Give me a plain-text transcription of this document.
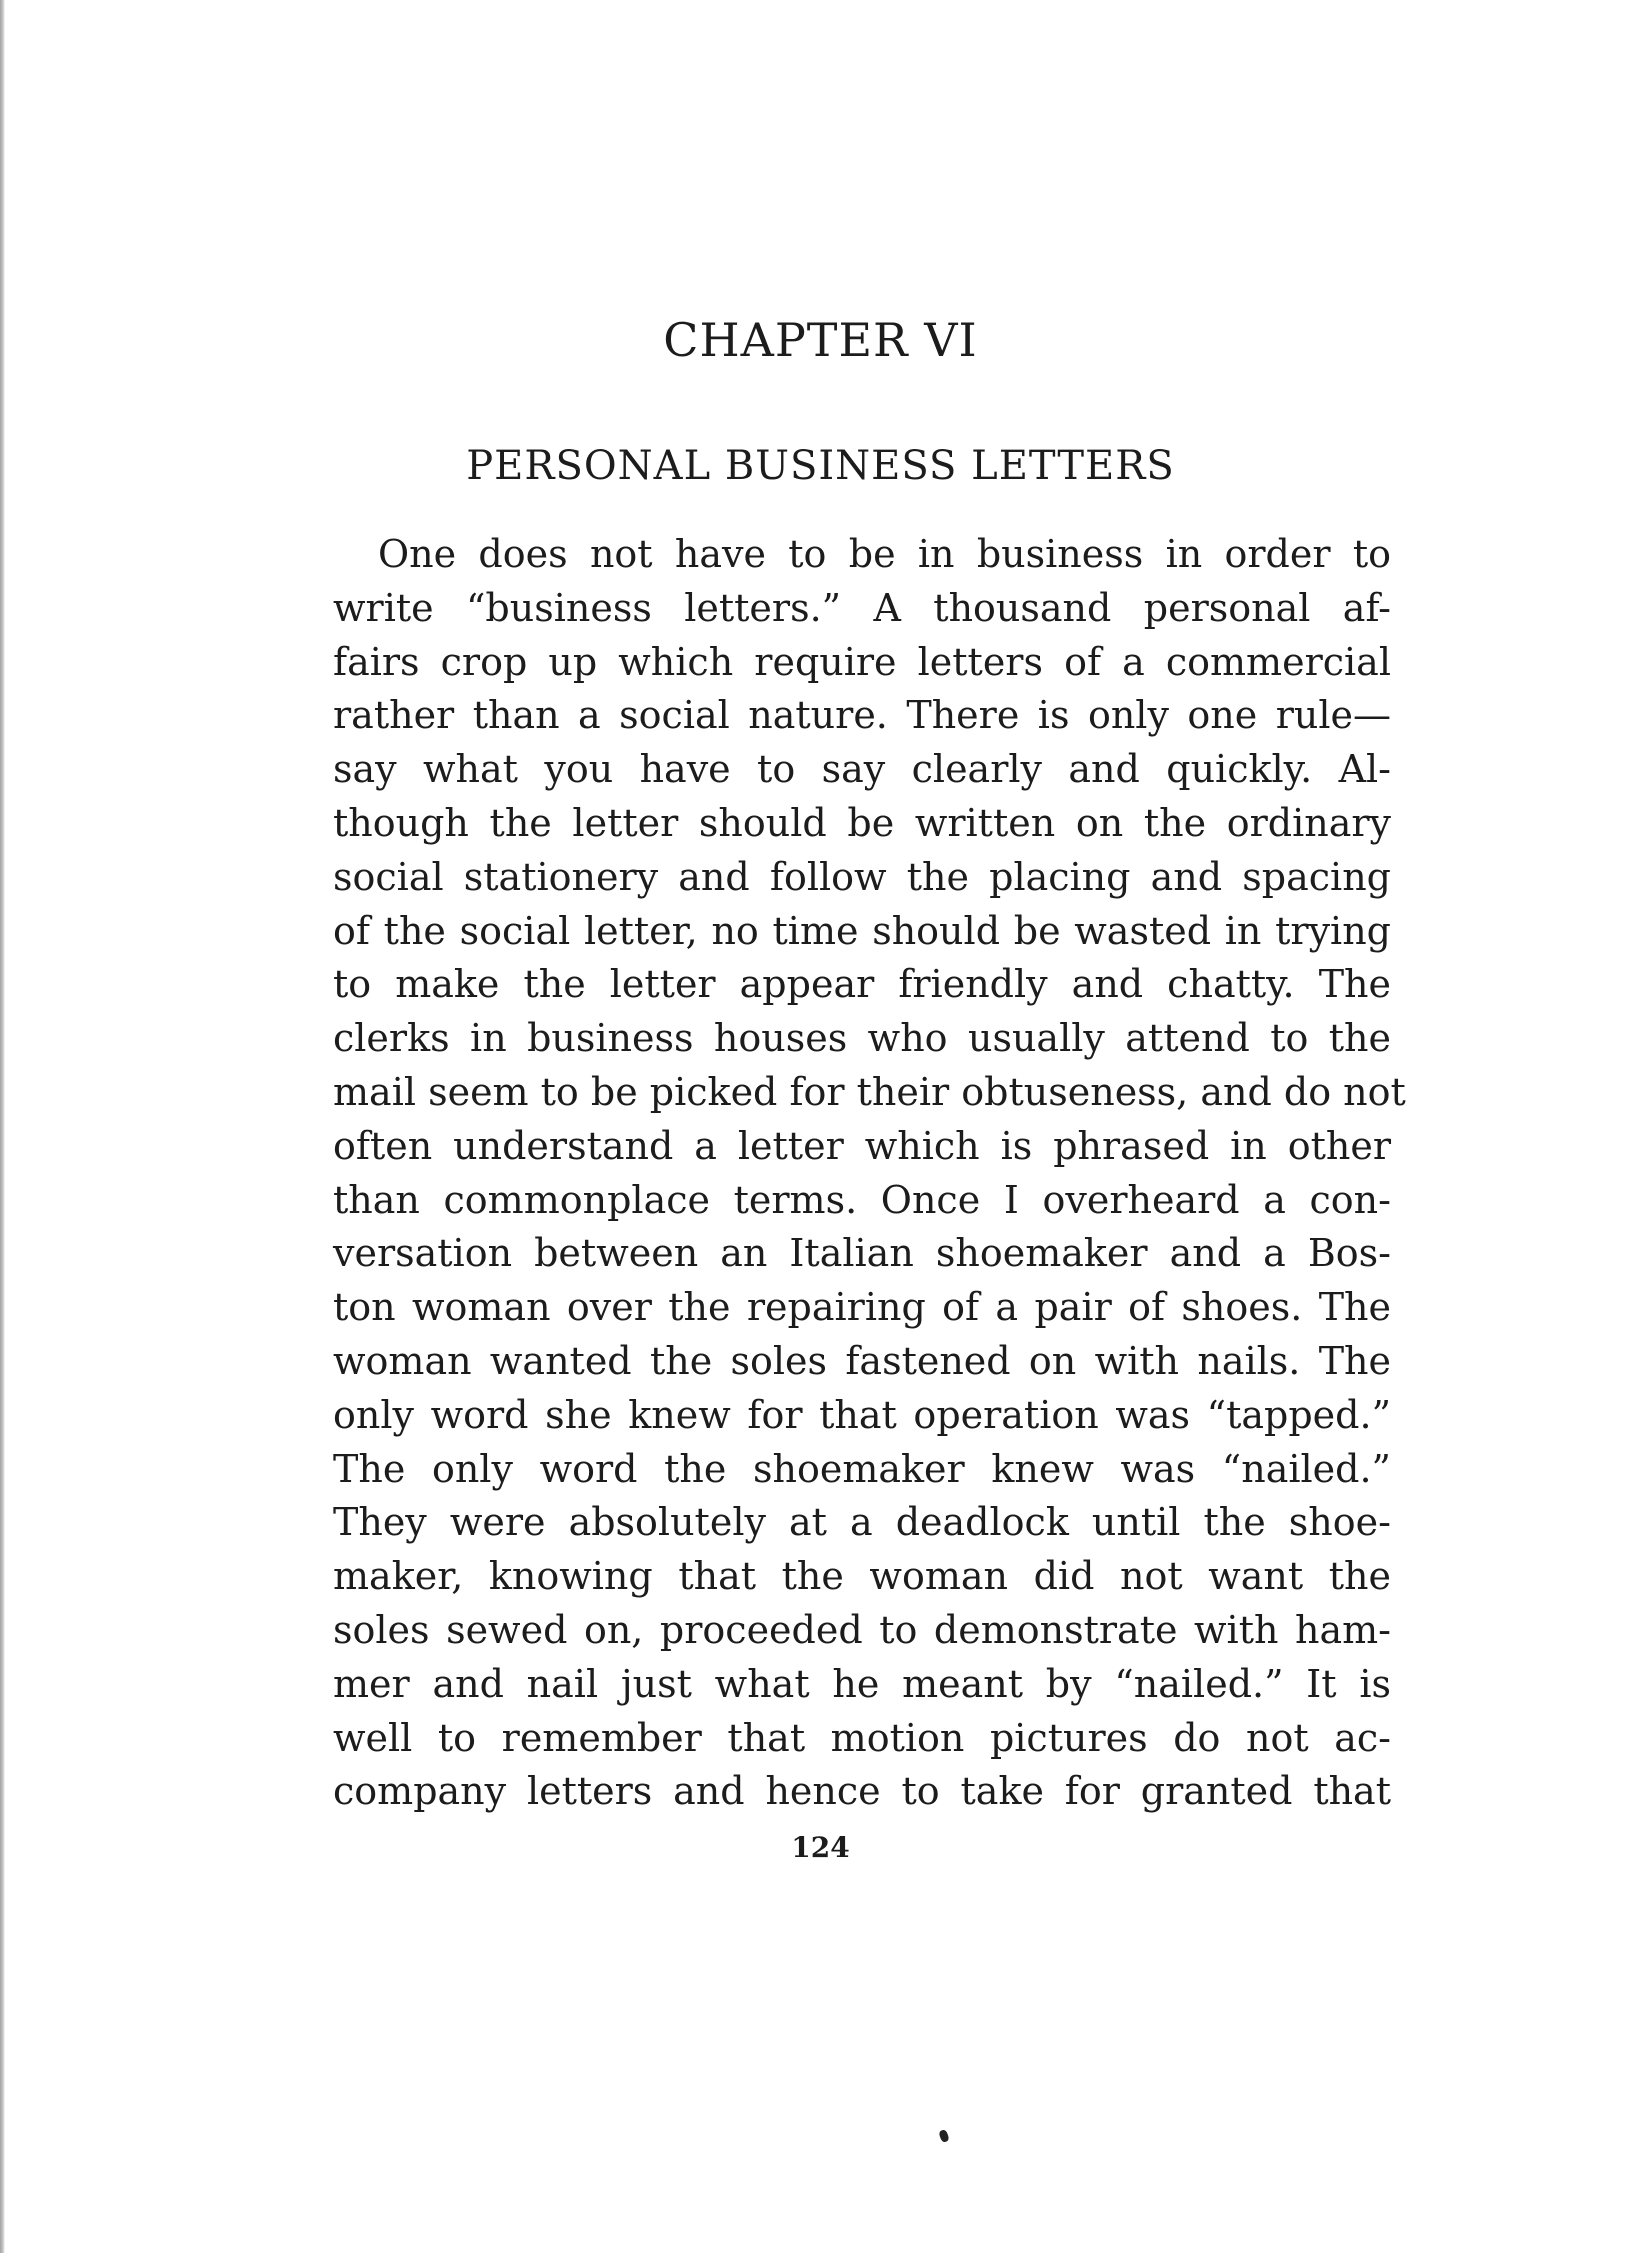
CHAPTER VI
PERSONAL BUSINESS LETTERS
One does not have to be in business in order to
write “business letters.” A thousand personal af-
fairs crop up which require letters of a commercial
rather than a social nature. There is only one rule—
say what you have to say clearly and quickly. Al-
though the letter should be written on the ordinary
social stationery and follow the placing and spacing
of the social letter, no time should be wasted in trying
to make the letter appear friendly and chatty. The
clerks in business houses who usually attend to the
mail seem to be picked for their obtuseness, and do not
often understand a letter which is phrased in other
than commonplace terms. Once I overheard a con-
versation between an Italian shoemaker and a Bos-
ton woman over the repairing of a pair of shoes. The
woman wanted the soles fastened on with nails. The
only word she knew for that operation was “tapped.”
The only word the shoemaker knew was “nailed.”
They were absolutely at a deadlock until the shoe-
maker, knowing that the woman did not want the
soles sewed on, proceeded to demonstrate with ham-
mer and nail just what he meant by “nailed.” It is
well to remember that motion pictures do not ac-
company letters and hence to take for granted that
124
